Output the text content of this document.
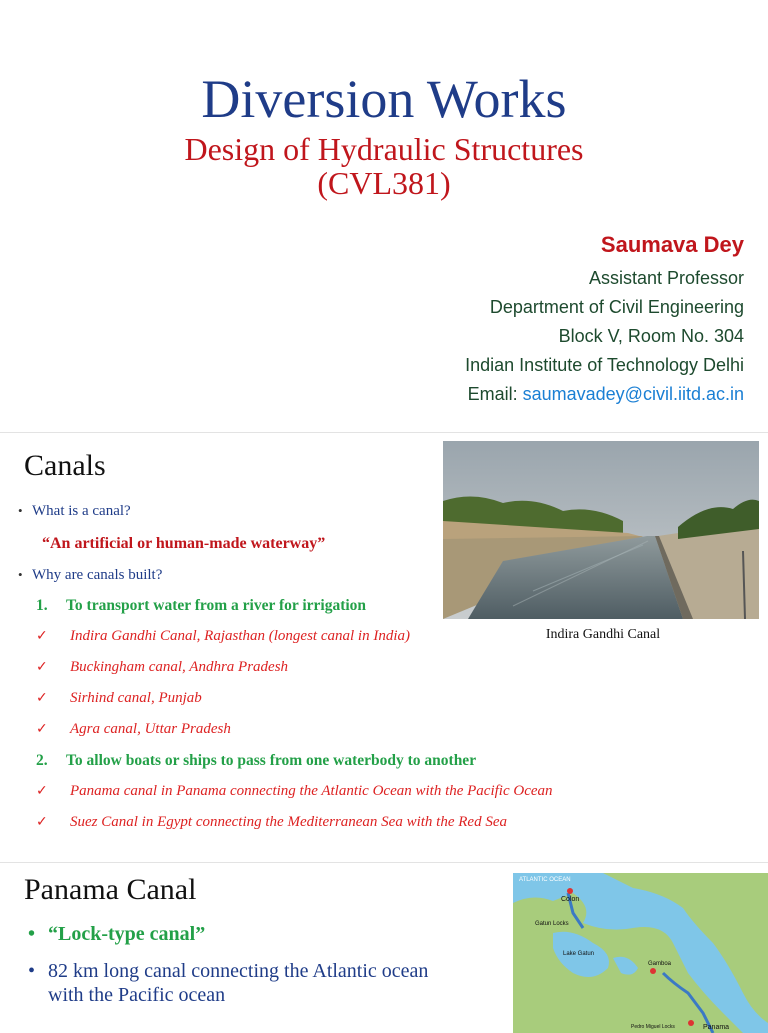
Diversion Works
Design of Hydraulic Structures
(CVL381)
Saumava Dey
Assistant Professor
Department of Civil Engineering
Block V, Room No. 304
Indian Institute of Technology Delhi
Email: saumavadey@civil.iitd.ac.in
Canals
Indira Gandhi Canal
• What is a canal?
“An artificial or human-made waterway”
• Why are canals built?
1. To transport water from a river for irrigation
✓ Indira Gandhi Canal, Rajasthan (longest canal in India)
✓ Buckingham canal, Andhra Pradesh
✓ Sirhind canal, Punjab
✓ Agra canal, Uttar Pradesh
2. To allow boats or ships to pass from one waterbody to another
✓ Panama canal in Panama connecting the Atlantic Ocean with the Pacific Ocean
✓ Suez Canal in Egypt connecting the Mediterranean Sea with the Red Sea
Panama Canal
• “Lock-type canal”
• 82 km long canal connecting the Atlantic ocean
with the Pacific ocean
ATLANTIC OCEAN
Colon
Gatun Locks
Lake Gatun
Gamboa
Pedro Miguel Locks	Panama
